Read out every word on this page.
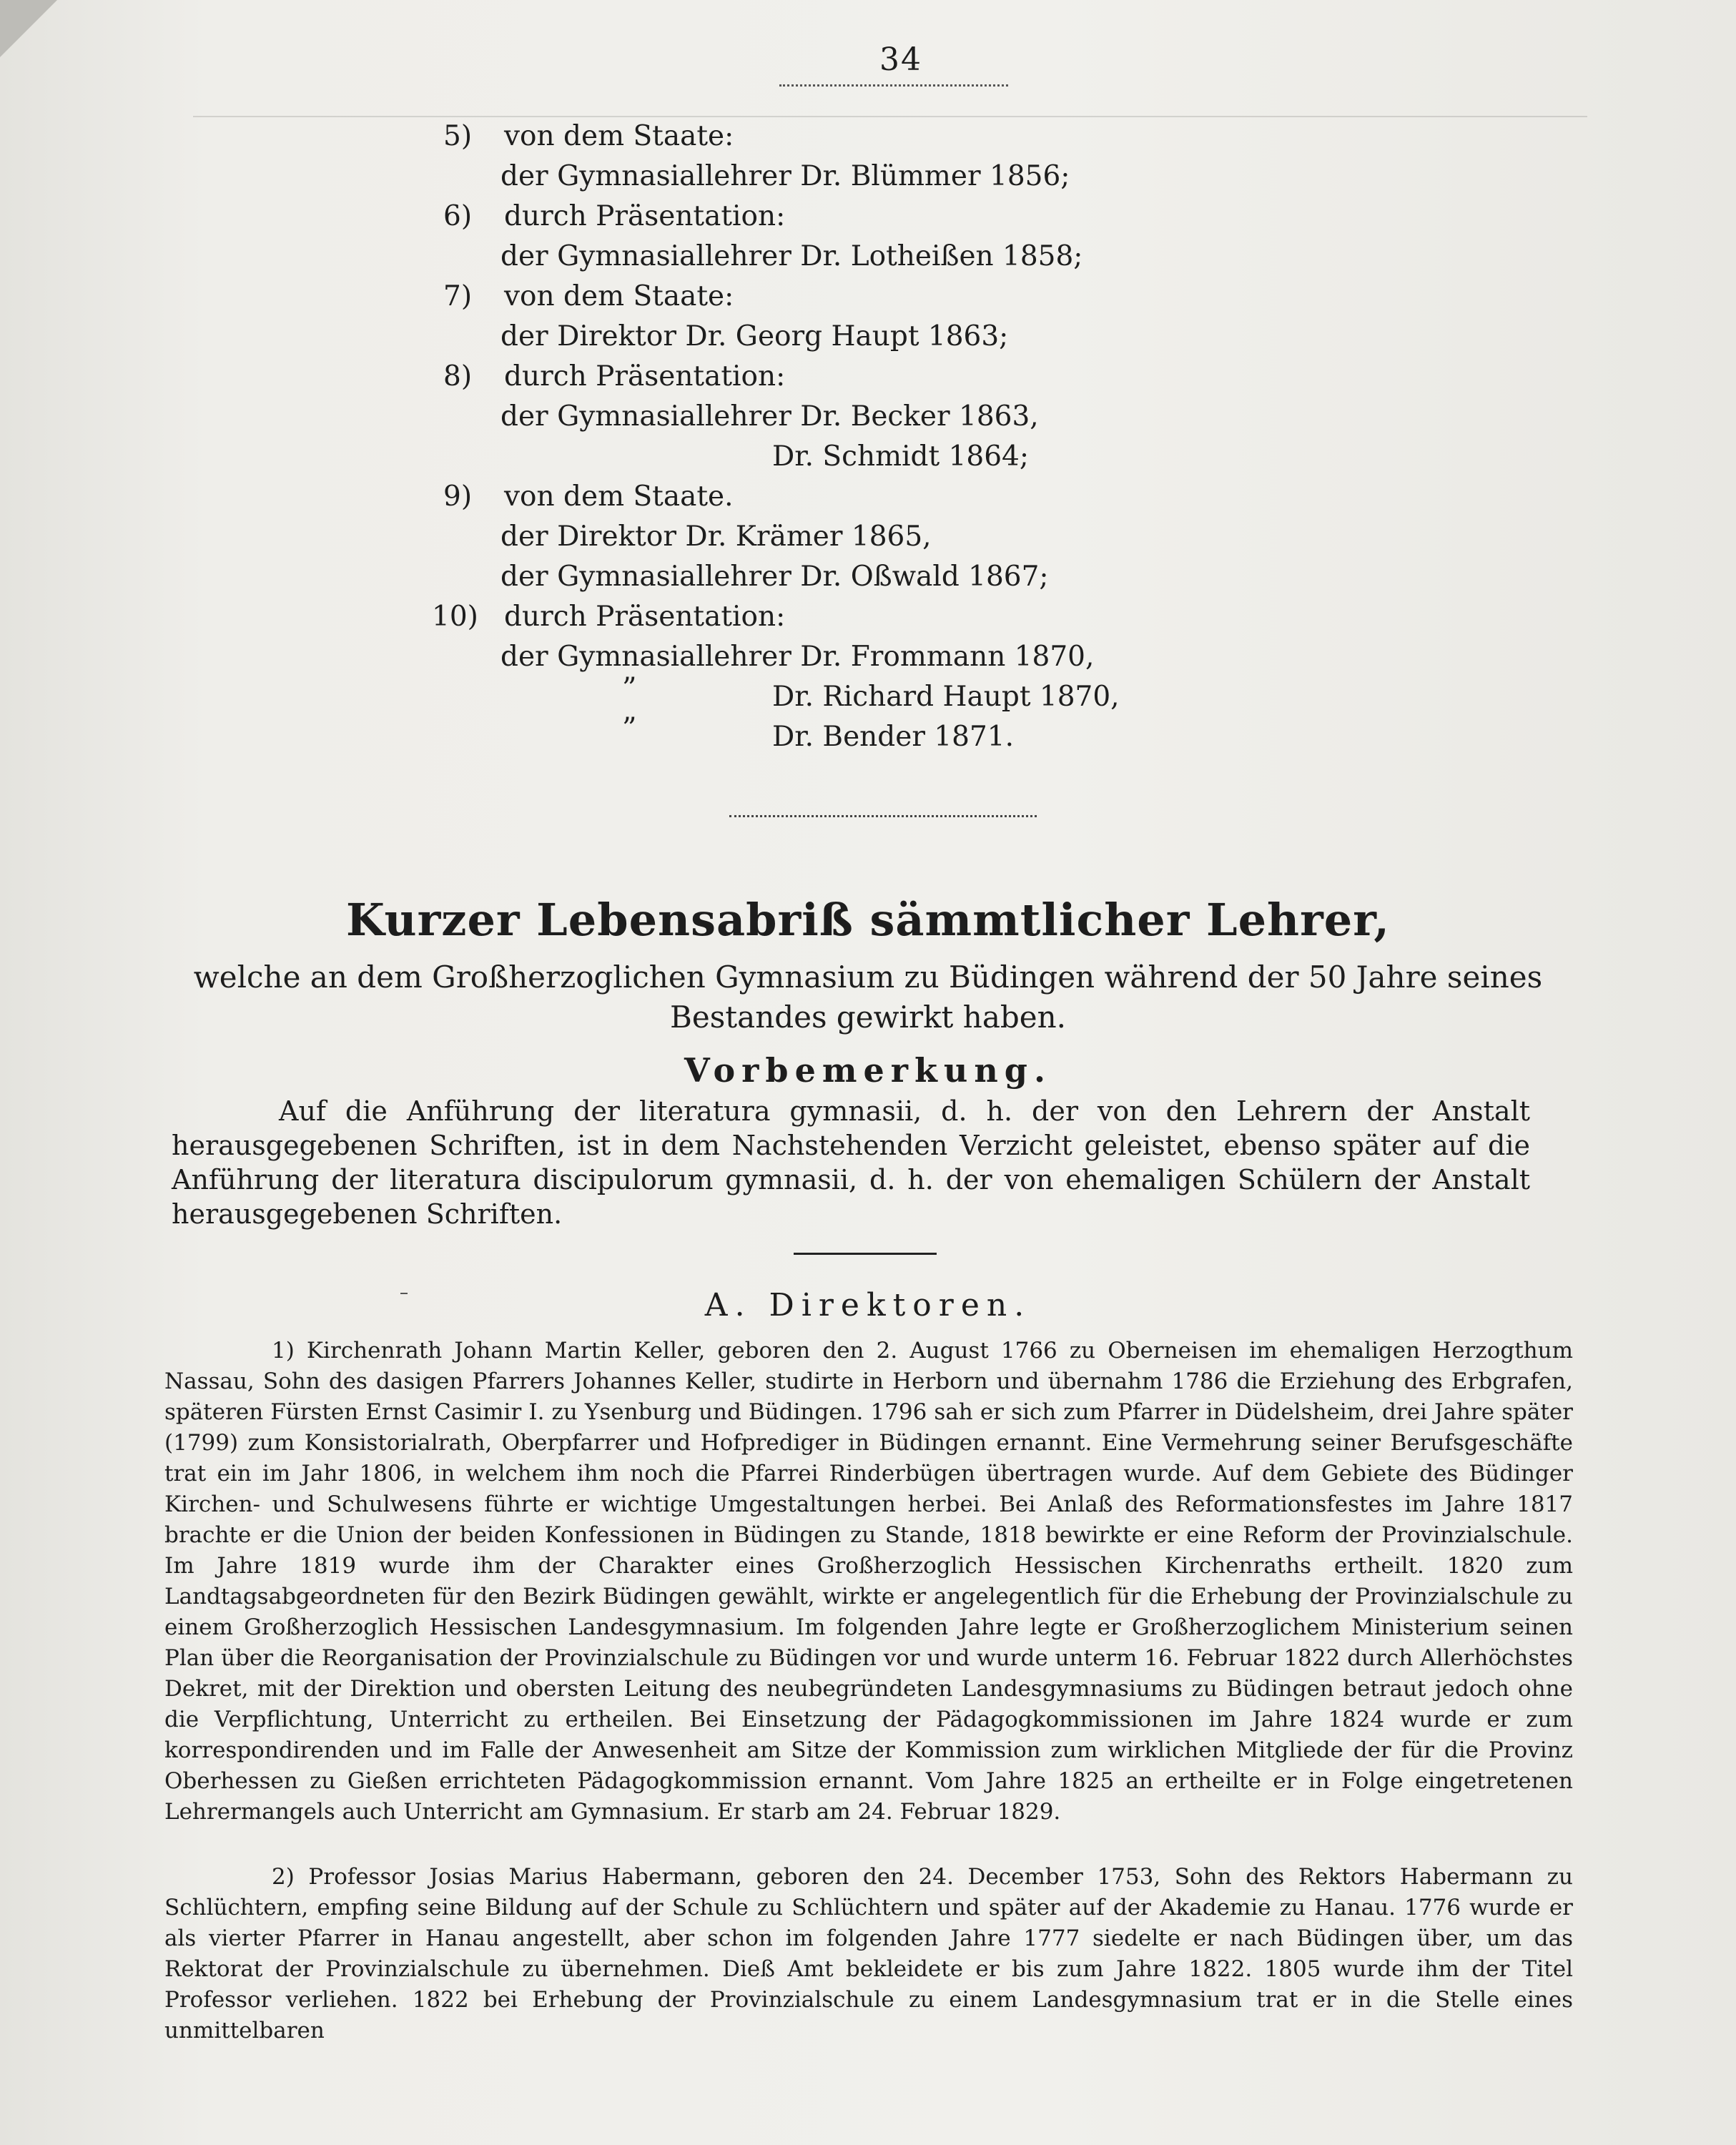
34
5) von dem Staate:
der Gymnasiallehrer Dr. Blümmer 1856;
6) durch Präsentation:
der Gymnasiallehrer Dr. Lotheißen 1858;
7) von dem Staate:
der Direktor Dr. Georg Haupt 1863;
8) durch Präsentation:
der Gymnasiallehrer Dr. Becker 1863,
Dr. Schmidt 1864;
9) von dem Staate.
der Direktor Dr. Krämer 1865,
der Gymnasiallehrer Dr. Oßwald 1867;
10) durch Präsentation:
der Gymnasiallehrer Dr. Frommann 1870,
”	Dr. Richard Haupt 1870,
”	Dr. Bender 1871.
Kurzer Lebensabriß sämmtlicher Lehrer,
welche an dem Großherzoglichen Gymnasium zu Büdingen während der 50 Jahre seines
Bestandes gewirkt haben.
Vorbemerkung.
Auf die Anführung der literatura gymnasii, d. h. der von den Lehrern der Anstalt herausgegebenen Schriften, ist in dem Nachstehenden Verzicht geleistet, ebenso später auf die Anführung der literatura discipulorum gymnasii, d. h. der von ehemaligen Schülern der Anstalt herausgegebenen Schriften.
A. Direktoren.
1) Kirchenrath Johann Martin Keller, geboren den 2. August 1766 zu Oberneisen im ehemaligen Herzogthum Nassau, Sohn des dasigen Pfarrers Johannes Keller, studirte in Herborn und übernahm 1786 die Erziehung des Erbgrafen, späteren Fürsten Ernst Casimir I. zu Ysenburg und Büdingen. 1796 sah er sich zum Pfarrer in Düdelsheim, drei Jahre später (1799) zum Konsistorialrath, Oberpfarrer und Hofprediger in Büdingen ernannt. Eine Vermehrung seiner Berufsgeschäfte trat ein im Jahr 1806, in welchem ihm noch die Pfarrei Rinderbügen übertragen wurde. Auf dem Gebiete des Büdinger Kirchen- und Schulwesens führte er wichtige Umgestaltungen herbei. Bei Anlaß des Reformationsfestes im Jahre 1817 brachte er die Union der beiden Konfessionen in Büdingen zu Stande, 1818 bewirkte er eine Reform der Provinzialschule. Im Jahre 1819 wurde ihm der Charakter eines Großherzoglich Hessischen Kirchenraths ertheilt. 1820 zum Landtagsabgeordneten für den Bezirk Büdingen gewählt, wirkte er angelegentlich für die Erhebung der Provinzialschule zu einem Großherzoglich Hessischen Landesgymnasium. Im folgenden Jahre legte er Großherzoglichem Ministerium seinen Plan über die Reorganisation der Provinzialschule zu Büdingen vor und wurde unterm 16. Februar 1822 durch Allerhöchstes Dekret, mit der Direktion und obersten Leitung des neubegründeten Landesgymnasiums zu Büdingen betraut jedoch ohne die Verpflichtung, Unterricht zu ertheilen. Bei Einsetzung der Pädagogkommissionen im Jahre 1824 wurde er zum korrespondirenden und im Falle der Anwesenheit am Sitze der Kommission zum wirklichen Mitgliede der für die Provinz Oberhessen zu Gießen errichteten Pädagogkommission ernannt. Vom Jahre 1825 an ertheilte er in Folge eingetretenen Lehrermangels auch Unterricht am Gymnasium. Er starb am 24. Februar 1829.
2) Professor Josias Marius Habermann, geboren den 24. December 1753, Sohn des Rektors Habermann zu Schlüchtern, empfing seine Bildung auf der Schule zu Schlüchtern und später auf der Akademie zu Hanau. 1776 wurde er als vierter Pfarrer in Hanau angestellt, aber schon im folgenden Jahre 1777 siedelte er nach Büdingen über, um das Rektorat der Provinzialschule zu übernehmen. Dieß Amt bekleidete er bis zum Jahre 1822. 1805 wurde ihm der Titel Professor verliehen. 1822 bei Erhebung der Provinzialschule zu einem Landesgymnasium trat er in die Stelle eines unmittelbaren
